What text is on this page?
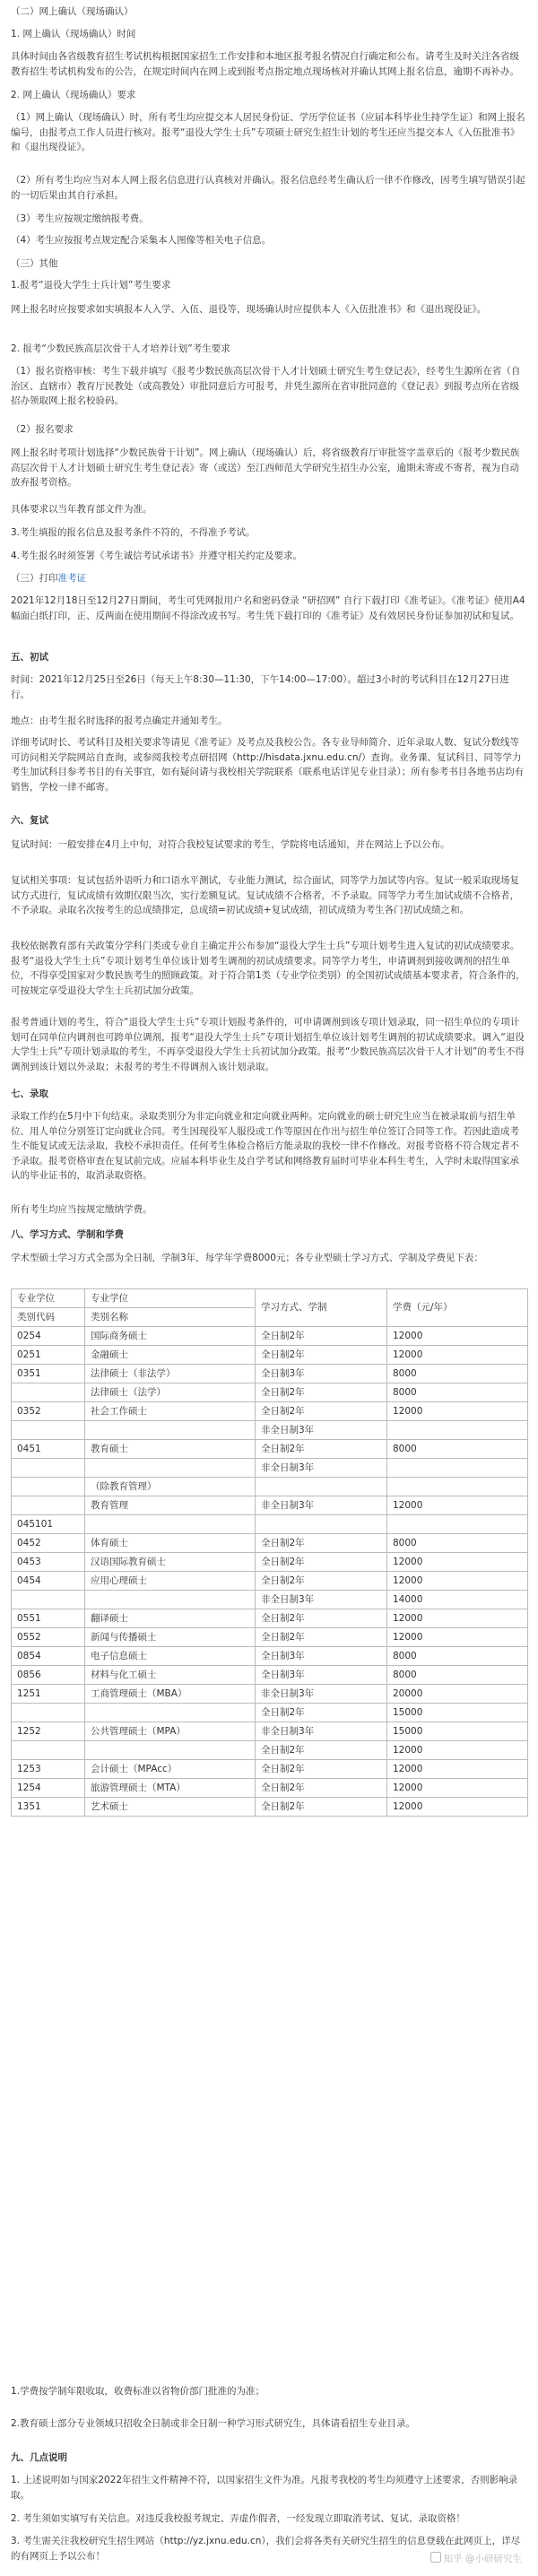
（二）网上确认（现场确认）

1. 网上确认（现场确认）时间

具体时间由各省级教育招生考试机构根据国家招生工作安排和本地区报考报名情况自行确定和公布。请考生及时关注各省级教育招生考试机构发布的公告，在规定时间内在网上或到报考点指定地点现场核对并确认其网上报名信息，逾期不再补办。

2. 网上确认（现场确认）要求

（1）网上确认（现场确认）时，所有考生均应提交本人居民身份证、学历学位证书（应届本科毕业生持学生证）和网上报名编号，由报考点工作人员进行核对。报考“退役大学生士兵”专项硕士研究生招生计划的考生还应当提交本人《入伍批准书》和《退出现役证》。

（2）所有考生均应当对本人网上报名信息进行认真核对并确认。报名信息经考生确认后一律不作修改，因考生填写错误引起的一切后果由其自行承担。

（3）考生应按规定缴纳报考费。

（4）考生应按报考点规定配合采集本人图像等相关电子信息。

（三）其他

1.报考“退役大学生士兵计划”考生要求

网上报名时应按要求如实填报本人入学、入伍、退役等，现场确认时应提供本人《入伍批准书》和《退出现役证》。

2. 报考“少数民族高层次骨干人才培养计划”考生要求

（1）报名资格审核：考生下载并填写《报考少数民族高层次骨干人才计划硕士研究生考生登记表》，经考生生源所在省（自治区、直辖市）教育厅民教处（或高教处）审批同意后方可报考，并凭生源所在省审批同意的《登记表》到报考点所在省级招办领取网上报名校验码。

（2）报名要求

网上报名时考项计划选择“少数民族骨干计划”。网上确认（现场确认）后，将省级教育厅审批签字盖章后的《报考少数民族高层次骨干人才计划硕士研究生考生登记表》寄（或送）至江西师范大学研究生招生办公室，逾期未寄或不寄者，视为自动放弃报考资格。

具体要求以当年教育部文件为准。

3.考生填报的报名信息及报考条件不符的，不得准予考试。

4.考生报名时须签署《考生诚信考试承诺书》并遵守相关约定及要求。

（三）打印准考证

2021年12月18日至12月27日期间，考生可凭网报用户名和密码登录 “研招网” 自行下载打印《准考证》。《准考证》使用A4幅面白纸打印，正、反两面在使用期间不得涂改或书写。考生凭下载打印的《准考证》及有效居民身份证参加初试和复试。

五、初试

时间：2021年12月25日至26日（每天上午8:30—11:30，下午14:00—17:00）。超过3小时的考试科目在12月27日进行。

地点：由考生报名时选择的报考点确定并通知考生。

详细考试时长、考试科目及相关要求等请见《准考证》及考点及我校公告。各专业导师简介、近年录取人数、复试分数线等可访问相关学院网站自查询，或参阅我校考点研招网（http://hisdata.jxnu.edu.cn/）查询。业务课、复试科目、同等学力考生加试科目参考书目的有关事宜，如有疑问请与我校相关学院联系（联系电话详见专业目录）；所有参考书目各地书店均有销售，学校一律不邮寄。

六、复试

复试时间：一般安排在4月上中旬，对符合我校复试要求的考生，学院将电话通知，并在网站上予以公布。

复试相关事项：复试包括外语听力和口语水平测试，专业能力测试，综合面试，同等学力加试等内容。复试一般采取现场复试方式进行，复试成绩有效期仅限当次，实行差额复试。复试成绩不合格者，不予录取。同等学力考生加试成绩不合格者，不予录取。录取名次按考生的总成绩排定，总成绩=初试成绩+复试成绩，初试成绩为考生各门初试成绩之和。

我校依据教育部有关政策分学科门类或专业自主确定并公布参加“退役大学生士兵”专项计划考生进入复试的初试成绩要求。报考“退役大学生士兵”专项计划考生单位该计划考生调剂的初试成绩要求。同等学力考生，申请调剂到接收调剂的招生单位，不得享受国家对少数民族考生的照顾政策。对于符合第1类（专业学位类别）的全国初试成绩基本要求者，符合条件的，可按规定享受退役大学生士兵初试加分政策。

报考普通计划的考生，符合“退役大学生士兵”专项计划报考条件的，可申请调剂到该专项计划录取，同一招生单位的专项计划可在同单位内调剂也可跨单位调剂，报考“退役大学生士兵”专项计划招生单位该计划考生调剂的初试成绩要求。调入“退役大学生士兵”专项计划录取的考生，不再享受退役大学生士兵初试加分政策。报考“少数民族高层次骨干人才计划”的考生不得调剂到该计划以外录取；未报考的考生不得调剂入该计划录取。

七、录取

录取工作约在5月中下旬结束。录取类别分为非定向就业和定向就业两种。定向就业的硕士研究生应当在被录取前与招生单位、用人单位分别签订定向就业合同。考生因现役军人服役或工作等原因在作出与招生单位签订合同等工作。若因此造成考生不能复试或无法录取，我校不承担责任。任何考生体检合格后方能录取的我校一律不作修改。对报考资格不符合规定者不予录取。报考资格审查在复试前完成。应届本科毕业生及自学考试和网络教育届时可毕业本科生考生，入学时未取得国家承认的毕业证书的，取消录取资格。

所有考生均应当按规定缴纳学费。

八、学习方式、学制和学费

学术型硕士学习方式全部为全日制，学制3年，每学年学费8000元；各专业型硕士学习方式、学制及学费见下表：

专业学位	专业学位	学习方式、学制	学费（元/年）
类别代码	类别名称		
0254	国际商务硕士	全日制2年	12000
0251	金融硕士	全日制2年	12000
0351	法律硕士（非法学）	全日制3年	8000
	法律硕士（法学）	全日制2年	8000
0352	社会工作硕士	全日制2年	12000
		非全日制3年	
0451	教育硕士	全日制2年	8000
		非全日制3年	
	（除教育管理）		
	教育管理	非全日制3年	12000
045101			
0452	体育硕士	全日制2年	8000
0453	汉语国际教育硕士	全日制2年	12000
0454	应用心理硕士	全日制2年	12000
		非全日制3年	14000
0551	翻译硕士	全日制2年	12000
0552	新闻与传播硕士	全日制2年	12000
0854	电子信息硕士	全日制3年	8000
0856	材料与化工硕士	全日制3年	8000
1251	工商管理硕士（MBA）	非全日制3年	20000
		全日制2年	15000
1252	公共管理硕士（MPA）	非全日制3年	15000
		全日制2年	12000
1253	会计硕士（MPAcc）	全日制2年	12000
1254	旅游管理硕士（MTA）	全日制2年	12000
1351	艺术硕士	全日制2年	12000

1.学费按学制年限收取，收费标准以省物价部门批准的为准；

2.教育硕士部分专业领域只招收全日制或非全日制一种学习形式研究生，具体请看招生专业目录。

九、几点说明

1. 上述说明如与国家2022年招生文件精神不符，以国家招生文件为准。凡报考我校的考生均须遵守上述要求，否则影响录取。

2. 考生须如实填写有关信息。对违反我校报考规定、弄虚作假者，一经发现立即取消考试、复试、录取资格！

3. 考生需关注我校研究生招生网站（http://yz.jxnu.edu.cn），我们会将各类有关研究生招生的信息登载在此网页上，详尽的有网页上予以公布！	知乎 @小研研究生
